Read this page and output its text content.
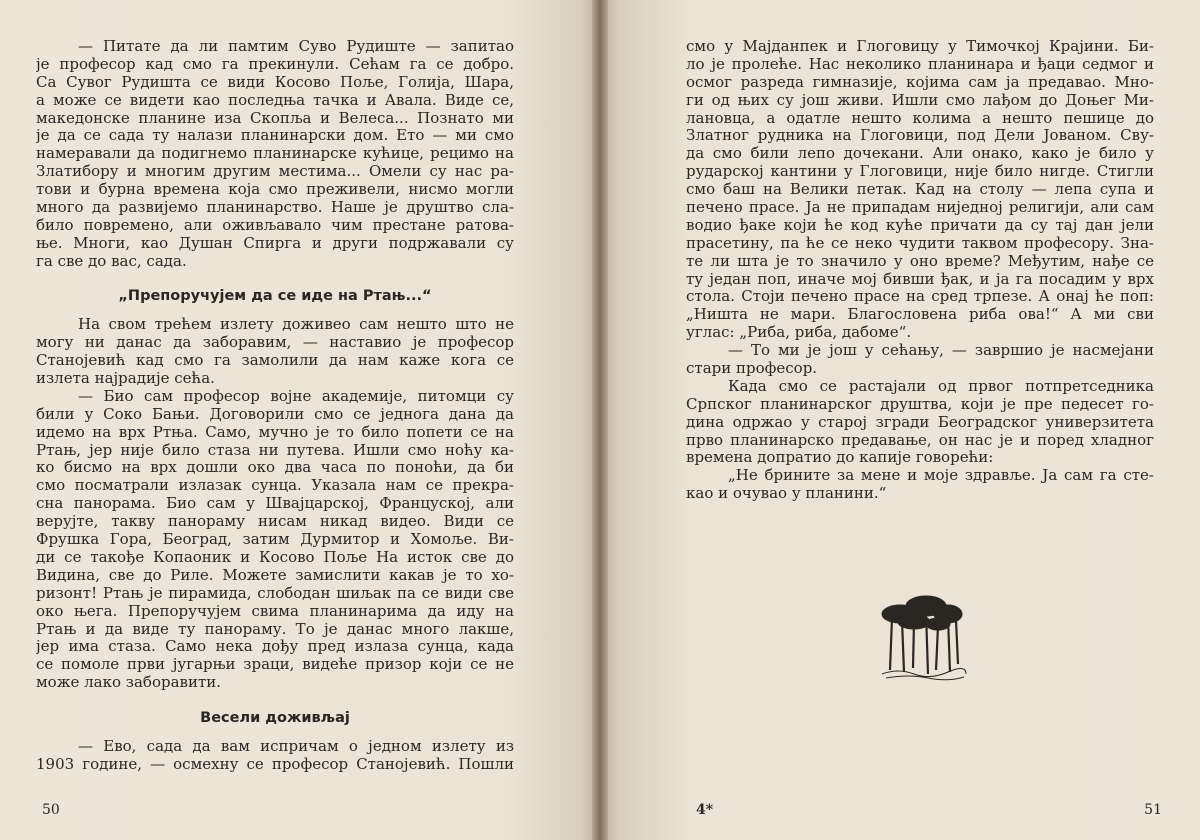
— Питате да ли памтим Суво Рудиште — запитао
је професор кад смо га прекинули. Сећам га се добро.
Са Сувог Рудишта се види Косово Поље, Голија, Шара,
а може се видети као последња тачка и Авала. Виде се,
македонске планине иза Скопља и Велеса... Познато ми
је да се сада ту налази планинарски дом. Ето — ми смо
намеравали да подигнемо планинарске кућице, рецимо на
Златибору и многим другим местима... Омели су нас ра-
тови и бурна времена која смо преживели, нисмо могли
много да развијемо планинарство. Наше је друштво сла-
било повремено, али оживљавало чим престане ратова-
ње. Многи, као Душан Спирга и други подржавали су
га све до вас, сада.
„Препоручујем да се иде на Ртањ...“
На свом трећем излету доживео сам нешто што не
могу ни данас да заборавим, — наставио је професор
Станојевић кад смо га замолили да нам каже кога се
излета најрадије сећа.
— Био сам професор војне академије, питомци су
били у Соко Бањи. Договорили смо се једнога дана да
идемо на врх Ртња. Само, мучно је то било попети се на
Ртањ, јер није било стаза ни путева. Ишли смо ноћу ка-
ко бисмо на врх дошли око два часа по поноћи, да би
смо посматрали излазак сунца. Указала нам се прекра-
сна панорама. Био сам у Швајцарској, Француској, али
верујте, такву панораму нисам никад видео. Види се
Фрушка Гора, Београд, затим Дурмитор и Хомоље. Ви-
ди се такође Копаоник и Косово Поље На исток све до
Видина, све до Риле. Можете замислити какав је то хо-
ризонт! Ртањ је пирамида, слободан шиљак па се види све
око њега. Препоручујем свима планинарима да иду на
Ртањ и да виде ту панораму. То је данас много лакше,
јер има стаза. Само нека дођу пред излаза сунца, када
се помоле први југарњи зраци, видеће призор који се не
може лако заборавити.
Весели доживљај
— Ево, сада да вам испричам о једном излету из
1903 године, — осмехну се професор Станојевић. Пошли
50
смо у Мајданпек и Глоговицу у Тимочкој Крајини. Би-
ло је пролеће. Нас неколико планинара и ђаци седмог и
осмог разреда гимназије, којима сам ја предавао. Мно-
ги од њих су још живи. Ишли смо лађом до Доњег Ми-
лановца, а одатле нешто колима а нешто пешице до
Златног рудника на Глоговици, под Дели Јованом. Сву-
да смо били лепо дочекани. Али онако, како је било у
рударској кантини у Глоговици, није било нигде. Стигли
смо баш на Велики петак. Кад на столу — лепа супа и
печено прасе. Ја не припадам ниједној религији, али сам
водио ђаке који ће код куће причати да су тај дан јели
прасетину, па ће се неко чудити таквом професору. Зна-
те ли шта је то значило у оно време? Међутим, нађе се
ту један поп, иначе мој бивши ђак, и ја га посадим у врх
стола. Стоји печено прасе на сред трпезе. А онај ће поп:
„Ништа не мари. Благословена риба ова!“ А ми сви
углас: „Риба, риба, дабоме“.
— То ми је још у сећању, — завршио је насмејани
стари професор.
Када смо се растајали од првог потпретседника
Српског планинарског друштва, који је пре педесет го-
дина одржао у старој згради Београдског универзитета
прво планинарско предавање, он нас је и поред хладног
времена допратио до капије говорећи:
„Не брините за мене и моје здравље. Ја сам га сте-
као и очувао у планини.“
4*	51
